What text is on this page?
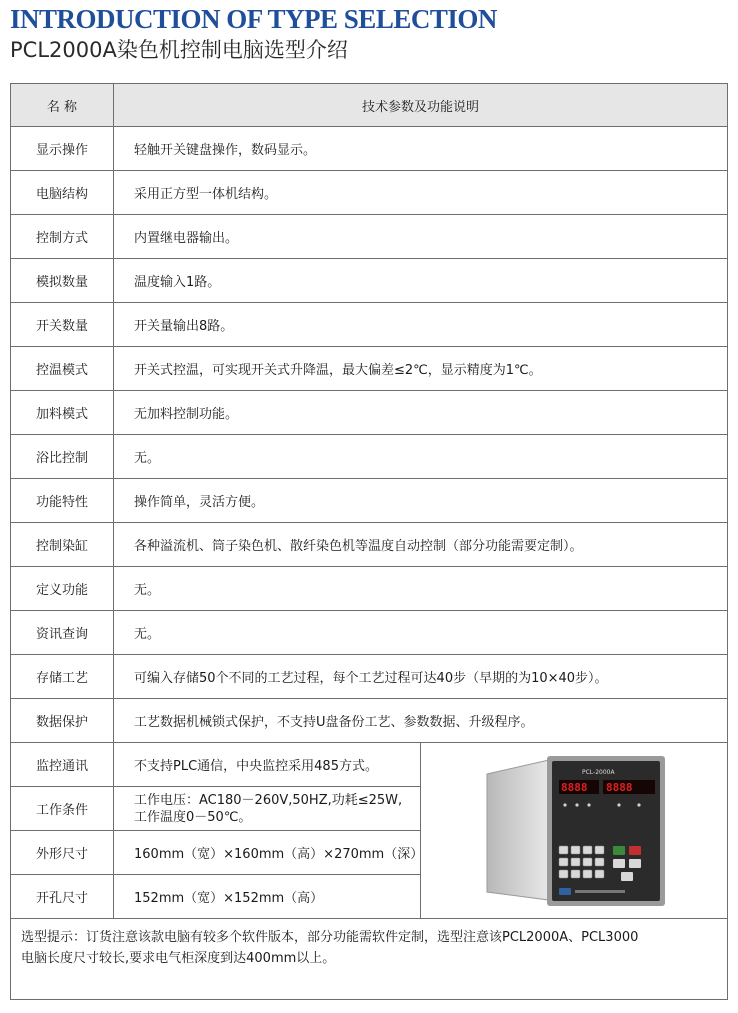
INTRODUCTION OF TYPE SELECTION
PCL2000A染色机控制电脑选型介绍
名 称	技术参数及功能说明	
显示操作	轻触开关键盘操作，数码显示。	
电脑结构	采用正方型一体机结构。	
控制方式	内置继电器输出。	
模拟数量	温度输入1路。	
开关数量	开关量输出8路。	
控温模式	开关式控温，可实现开关式升降温，最大偏差≤2℃，显示精度为1℃。	
加料模式	无加料控制功能。	
浴比控制	无。	
功能特性	操作简单，灵活方便。	
控制染缸	各种溢流机、筒子染色机、散纤染色机等温度自动控制（部分功能需要定制）。	
定义功能	无。	
资讯查询	无。	
存储工艺	可编入存储50个不同的工艺过程，每个工艺过程可达40步（早期的为10×40步）。	
数据保护	工艺数据机械锁式保护，不支持U盘备份工艺、参数数据、升级程序。	
监控通讯	不支持PLC通信，中央监控采用485方式。	PCL-2000A
8888 8888

工作条件	工作电压：AC180－260V,50HZ,功耗≤25W,
工作温度0－50℃。	

外形尺寸	160mm（宽）×160mm（高）×270mm（深）	
开孔尺寸	152mm（宽）×152mm（高）	

选型提示：订货注意该款电脑有较多个软件版本，部分功能需软件定制，选型注意该PCL2000A、PCL3000
电脑长度尺寸较长,要求电气柜深度到达400mm以上。		
